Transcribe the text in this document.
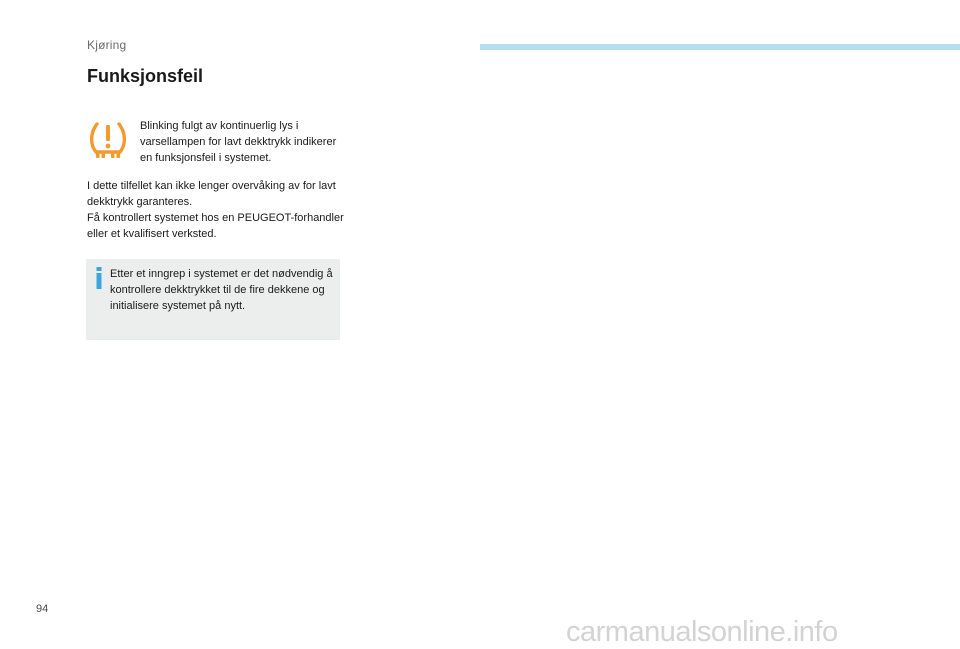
Kjøring
Funksjonsfeil

Blinking fulgt av kontinuerlig lys i varsellampen for lavt dekktrykk indikerer en funksjonsfeil i systemet.

I dette tilfellet kan ikke lenger overvåking av for lavt dekktrykk garanteres.
Få kontrollert systemet hos en PEUGEOT-forhandler eller et kvalifisert verksted.

Etter et inngrep i systemet er det nødvendig å kontrollere dekktrykket til de fire dekkene og initialisere systemet på nytt.

94
carmanualsonline.info
